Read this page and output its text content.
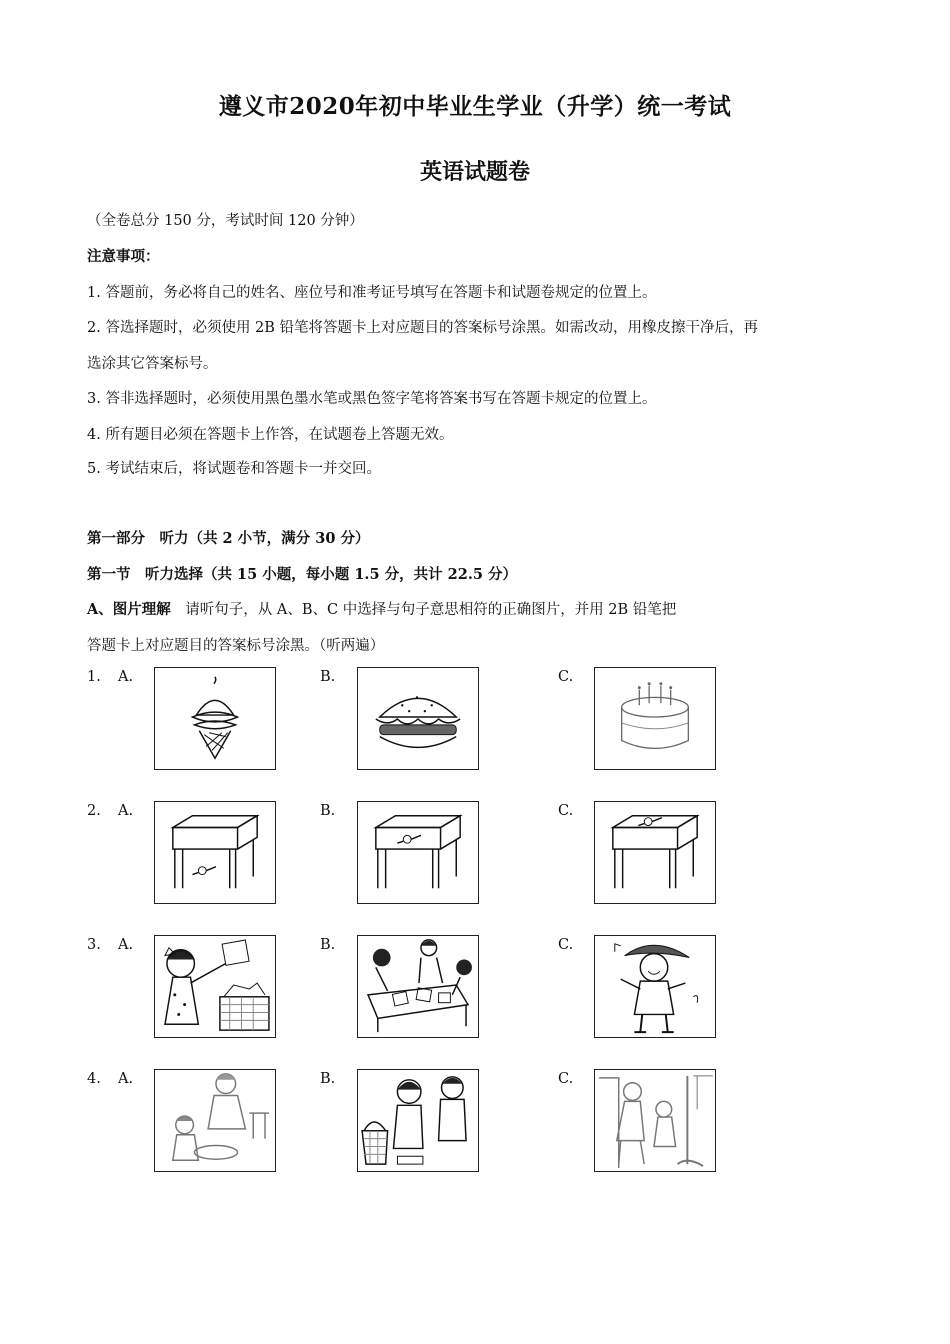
遵义市2020年初中毕业生学业（升学）统一考试
英语试题卷
（全卷总分 150 分，考试时间 120 分钟）
注意事项：
1. 答题前，务必将自己的姓名、座位号和准考证号填写在答题卡和试题卷规定的位置上。
2. 答选择题时，必须使用 2B 铅笔将答题卡上对应题目的答案标号涂黑。如需改动，用橡皮擦干净后，再
选涂其它答案标号。
3. 答非选择题时，必须使用黑色墨水笔或黑色签字笔将答案书写在答题卡规定的位置上。
4. 所有题目必须在答题卡上作答，在试题卷上答题无效。
5. 考试结束后，将试题卷和答题卡一并交回。
第一部分　听力（共 2 小节，满分 30 分）
第一节　听力选择（共 15 小题，每小题 1.5 分，共计 22.5 分）
A、图片理解　请听句子，从 A、B、C 中选择与句子意思相符的正确图片，并用 2B 铅笔把
答题卡上对应题目的答案标号涂黑。（听两遍）
1. A.	B.	C.
2. A.	B.	C.
3. A.	B.	C.
4. A.	B.	C.
